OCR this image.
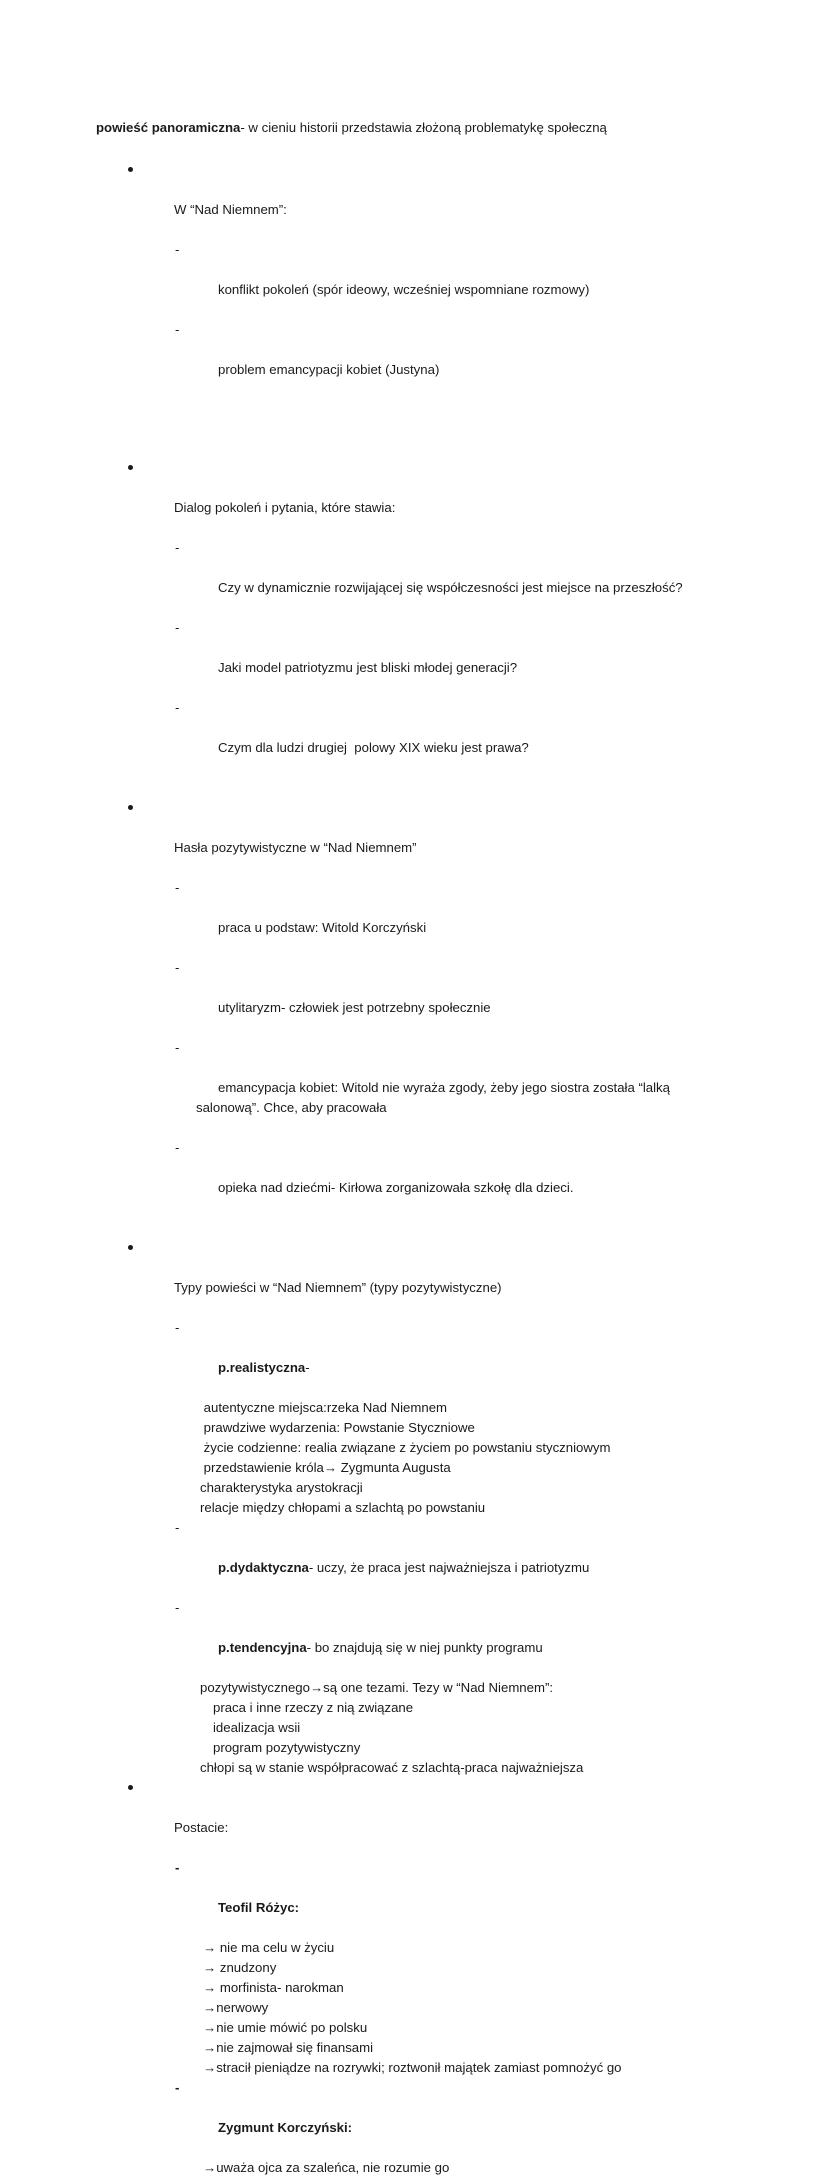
powieść panoramiczna- w cieniu historii przedstawia złożoną problematykę społeczną

W “Nad Niemnem”:

-

konflikt pokoleń (spór ideowy, wcześniej wspomniane rozmowy)

-

problem emancypacji kobiet (Justyna)

Dialog pokoleń i pytania, które stawia:

-

Czy w dynamicznie rozwijającej się współczesności jest miejsce na przeszłość?

-

Jaki model patriotyzmu jest bliski młodej generacji?

-

Czym dla ludzi drugiej  polowy XIX wieku jest prawa?

Hasła pozytywistyczne w “Nad Niemnem”

-

praca u podstaw: Witold Korczyński

-

utylitaryzm- człowiek jest potrzebny społecznie

-

emancypacja kobiet: Witold nie wyraża zgody, żeby jego siostra została “lalką salonową”. Chce, aby pracowała

-

opieka nad dziećmi- Kirłowa zorganizowała szkołę dla dzieci.

Typy powieści w “Nad Niemnem” (typy pozytywistyczne)

-

p.realistyczna-

autentyczne miejsca:rzeka Nad Niemnem
prawdziwe wydarzenia: Powstanie Styczniowe
życie codzienne: realia związane z życiem po powstaniu styczniowym
przedstawienie króla→ Zygmunta Augusta
charakterystyka arystokracji
relacje między chłopami a szlachtą po powstaniu

-

p.dydaktyczna- uczy, że praca jest najważniejsza i patriotyzmu

-

p.tendencyjna- bo znajdują się w niej punkty programu

pozytywistycznego→są one tezami. Tezy w “Nad Niemnem”:
praca i inne rzeczy z nią związane
idealizacja wsii
program pozytywistyczny
chłopi są w stanie współpracować z szlachtą-praca najważniejsza

Postacie:

-

Teofil Różyc:

→ nie ma celu w życiu
→ znudzony
→ morfinista- narokman
→nerwowy
→nie umie mówić po polsku
→nie zajmował się finansami
→stracił pieniądze na rozrywki; roztwonił majątek zamiast pomnożyć go

-

Zygmunt Korczyński:

→uważa ojca za szaleńca, nie rozumie go
